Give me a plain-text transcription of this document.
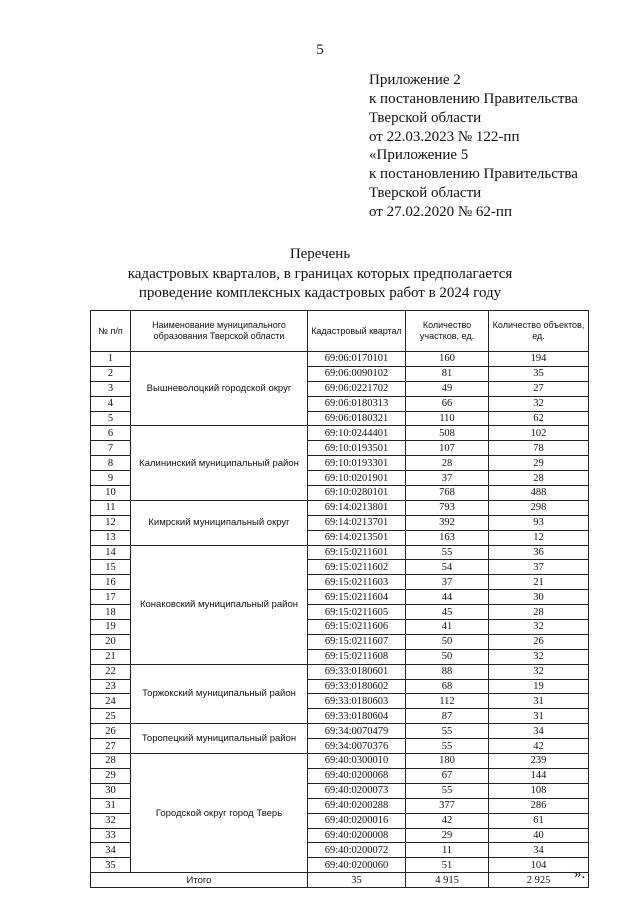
5
Приложение 2
к постановлению Правительства
Тверской области
от 22.03.2023 № 122-пп
«Приложение 5
к постановлению Правительства
Тверской области
от 27.02.2020 № 62-пп
Перечень
кадастровых кварталов, в границах которых предполагается
проведение комплексных кадастровых работ в 2024 году
№ п/п	Наименование муниципального образования Тверской области	Кадастровый квартал	Количество участков, ед.	Количество объектов, ед.
1	Вышневолоцкий городской округ	69:06:0170101	160	194
2		69:06:0090102	81	35
3		69:06:0221702	49	27
4		69:06:0180313	66	32
5		69:06:0180321	110	62
6	Калининский муниципальный район	69:10:0244401	508	102
7		69:10:0193501	107	78
8		69:10:0193301	28	29
9		69:10:0201901	37	28
10		69:10:0280101	768	488
11	Кимрский муниципальный округ	69:14:0213801	793	298
12		69:14:0213701	392	93
13		69:14:0213501	163	12
14	Конаковский муниципальный район	69:15:0211601	55	36
15		69:15:0211602	54	37
16		69:15:0211603	37	21
17		69:15:0211604	44	30
18		69:15:0211605	45	28
19		69:15:0211606	41	32
20		69:15:0211607	50	26
21		69:15:0211608	50	32
22	Торжокский муниципальный район	69:33:0180601	88	32
23		69:33:0180602	68	19
24		69:33:0180603	112	31
25		69:33:0180604	87	31
26	Торопецкий муниципальный район	69:34:0070479	55	34
27		69:34:0070376	55	42
28	Городской округ город Тверь	69:40:0300010	180	239
29		69:40:0200068	67	144
30		69:40:0200073	55	108
31		69:40:0200288	377	286
32		69:40:0200016	42	61
33		69:40:0200008	29	40
34		69:40:0200072	11	34
35		69:40:0200060	51	104
Итого		35	4 915	2 925 ».
